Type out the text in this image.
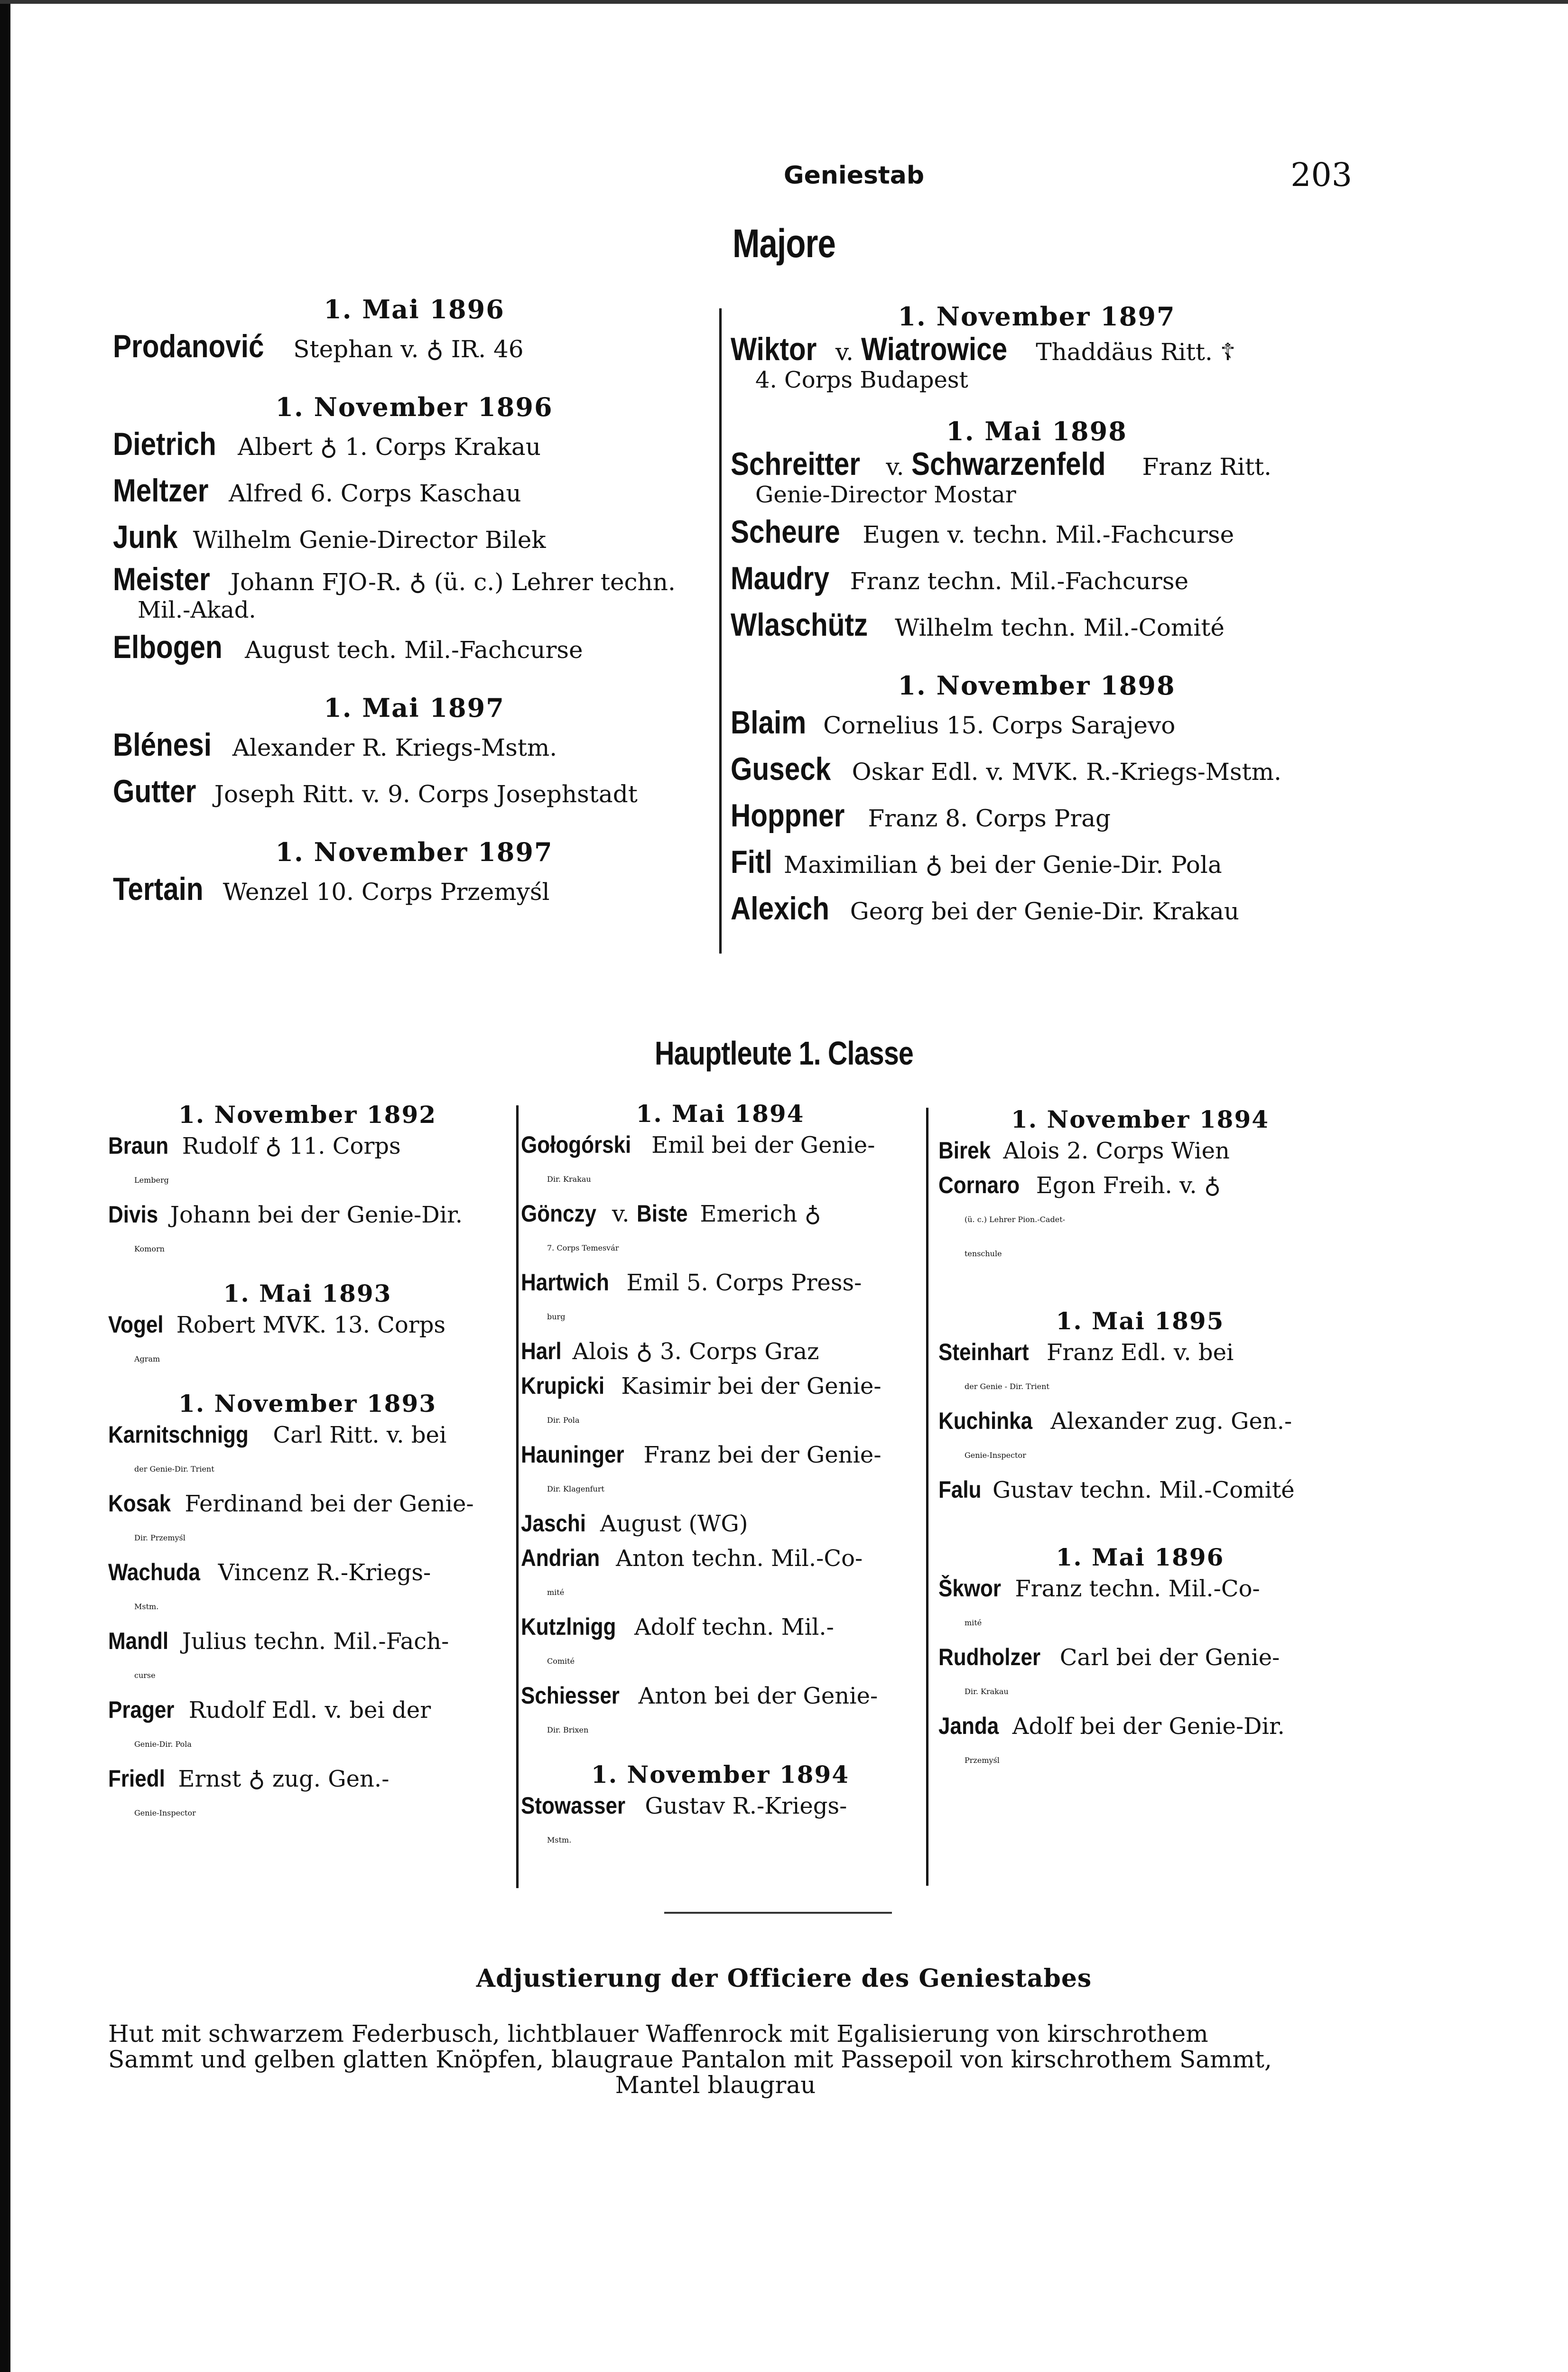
Geniestab	203
Majore
1. Mai 1896
Prodanović Stephan v. ♁ IR. 46
1. November 1896
Dietrich Albert ♁ 1. Corps Krakau
Meltzer Alfred 6. Corps Kaschau
Junk Wilhelm Genie-Director Bilek
Meister Johann FJO-R. ♁ (ü. c.) Lehrer techn.
Mil.-Akad.
Elbogen August tech. Mil.-Fachcurse
1. Mai 1897
Blénesi Alexander R. Kriegs-Mstm.
Gutter Joseph Ritt. v. 9. Corps Josephstadt
1. November 1897
Tertain Wenzel 10. Corps Przemyśl
1. November 1897
Wiktor v. Wiatrowice Thaddäus Ritt. ☦
4. Corps Budapest
1. Mai 1898
Schreitter v. Schwarzenfeld Franz Ritt.
Genie-Director Mostar
Scheure Eugen v. techn. Mil.-Fachcurse
Maudry Franz techn. Mil.-Fachcurse
Wlaschütz Wilhelm techn. Mil.-Comité
1. November 1898
Blaim Cornelius 15. Corps Sarajevo
Guseck Oskar Edl. v. MVK. R.-Kriegs-Mstm.
Hoppner Franz 8. Corps Prag
Fitl Maximilian ♁ bei der Genie-Dir. Pola
Alexich Georg bei der Genie-Dir. Krakau
Hauptleute 1. Classe
1. November 1892
Braun Rudolf ♁ 11. Corps
Lemberg
Divis Johann bei der Genie-Dir.
Komorn
1. Mai 1893
Vogel Robert MVK. 13. Corps
Agram
1. November 1893
Karnitschnigg Carl Ritt. v. bei
der Genie-Dir. Trient
Kosak Ferdinand bei der Genie-
Dir. Przemyśl
Wachuda Vincenz R.-Kriegs-
Mstm.
Mandl Julius techn. Mil.-Fach-
curse
Prager Rudolf Edl. v. bei der
Genie-Dir. Pola
Friedl Ernst ♁ zug. Gen.-
Genie-Inspector
1. Mai 1894
Gołogórski Emil bei der Genie-
Dir. Krakau
Gönczy v. Biste Emerich ♁
7. Corps Temesvár
Hartwich Emil 5. Corps Press-
burg
Harl Alois ♁ 3. Corps Graz
Krupicki Kasimir bei der Genie-
Dir. Pola
Hauninger Franz bei der Genie-
Dir. Klagenfurt
Jaschi August (WG)
Andrian Anton techn. Mil.-Co-
mité
Kutzlnigg Adolf techn. Mil.-
Comité
Schiesser Anton bei der Genie-
Dir. Brixen
1. November 1894
Stowasser Gustav R.-Kriegs-
Mstm.
1. November 1894
Birek Alois 2. Corps Wien
Cornaro Egon Freih. v. ♁
(ü. c.) Lehrer Pion.-Cadet-
tenschule
1. Mai 1895
Steinhart Franz Edl. v. bei
der Genie - Dir. Trient
Kuchinka Alexander zug. Gen.-
Genie-Inspector
Falu Gustav techn. Mil.-Comité
1. Mai 1896
Škwor Franz techn. Mil.-Co-
mité
Rudholzer Carl bei der Genie-
Dir. Krakau
Janda Adolf bei der Genie-Dir.
Przemyśl
Adjustierung der Officiere des Geniestabes
Hut mit schwarzem Federbusch, lichtblauer Waffenrock mit Egalisierung von kirschrothem
Sammt und gelben glatten Knöpfen, blaugraue Pantalon mit Passepoil von kirschrothem Sammt,
Mantel blaugrau
